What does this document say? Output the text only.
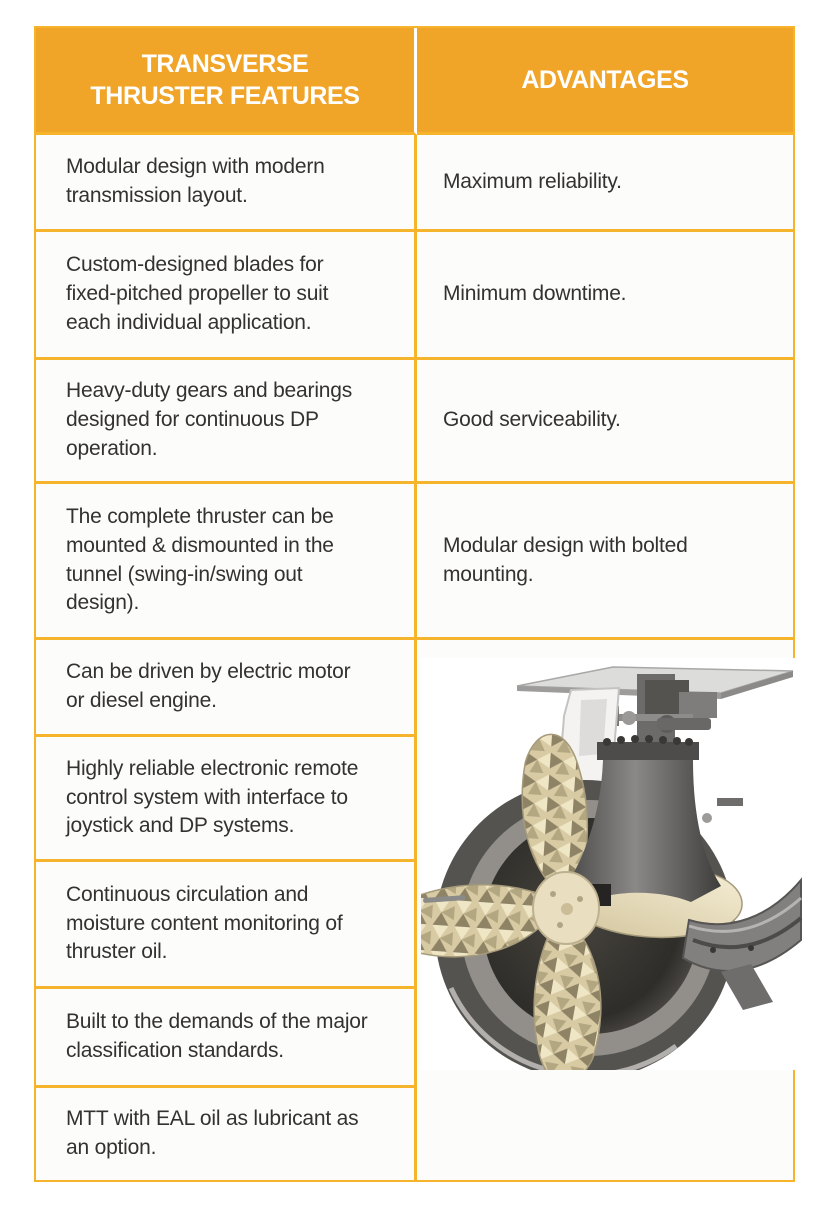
TRANSVERSE THRUSTER FEATURES
ADVANTAGES
Modular design with modern transmission layout.
Maximum reliability.
Custom-designed blades for fixed-pitched propeller to suit each individual application.
Minimum downtime.
Heavy-duty gears and bearings designed for continuous DP operation.
Good serviceability.
The complete thruster can be mounted & dismounted in the tunnel (swing-in/swing out design).
Modular design with bolted mounting.
Can be driven by electric motor or diesel engine.
Highly reliable electronic remote control system with interface to joystick and DP systems.
Continuous circulation and moisture content monitoring of thruster oil.
Built to the demands of the major classification standards.
MTT with EAL oil as lubricant as an option.
